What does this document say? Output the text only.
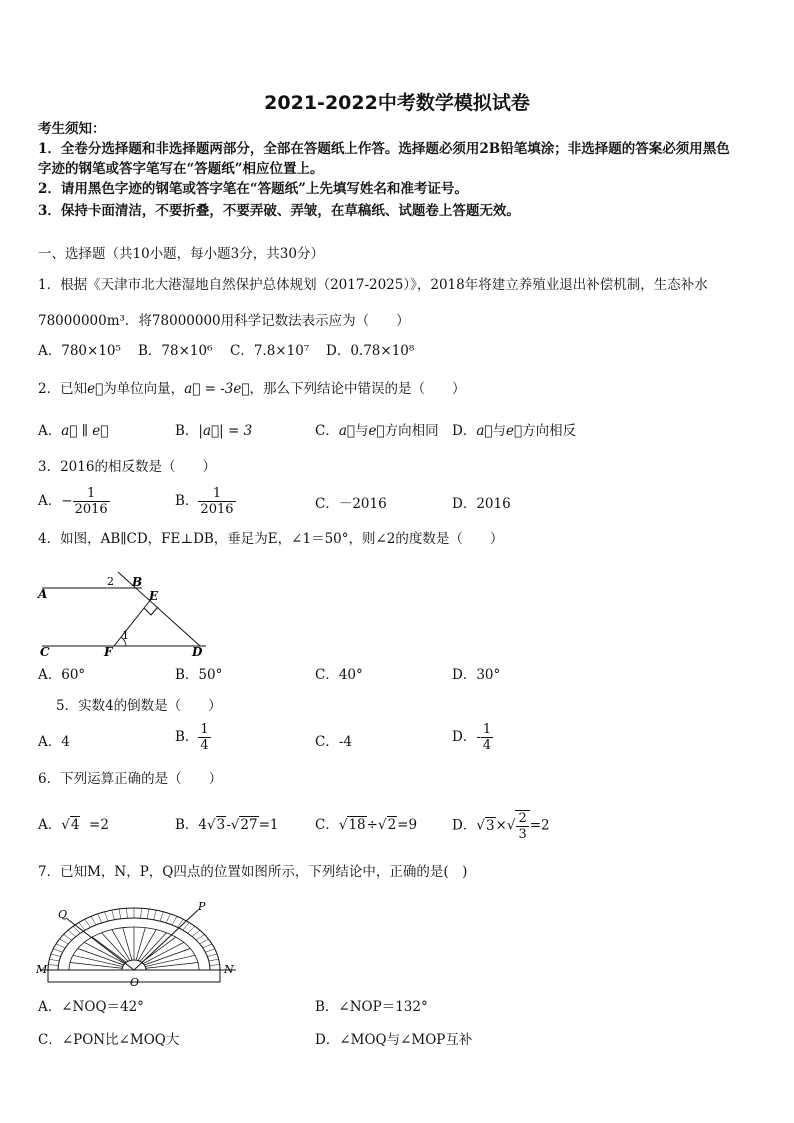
2021-2022中考数学模拟试卷
考生须知：
1．全卷分选择题和非选择题两部分，全部在答题纸上作答。选择题必须用2B铅笔填涂；非选择题的答案必须用黑色
字迹的钢笔或答字笔写在“答题纸”相应位置上。
2．请用黑色字迹的钢笔或答字笔在“答题纸”上先填写姓名和准考证号。
3．保持卡面清洁，不要折叠，不要弄破、弄皱，在草稿纸、试题卷上答题无效。
一、选择题（共10小题，每小题3分，共30分）
1．根据《天津市北大港湿地自然保护总体规划（2017-2025）》，2018年将建立养殖业退出补偿机制，生态补水
78000000m³．将78000000用科学记数法表示应为（　　）
A．780×10⁵ B．78×10⁶ C．7.8×10⁷ D．0.78×10⁸
2．已知e⃗为单位向量，a⃗ = -3e⃗，那么下列结论中错误的是（　　）
A．a⃗ ∥ e⃗	B．|a⃗| = 3	C．a⃗与e⃗方向相同 D．a⃗与e⃗方向相反
3．2016的相反数是（　　）
A．− $\frac{1}{2016}$	B． $\frac{1}{2016}$	C．－2016	D．2016
4．如图，AB∥CD，FE⊥DB，垂足为E，∠1＝50°，则∠2的度数是（　　）
A
B
C	D
E
F
1
2
A．60°	B．50°	C．40°	D．30°
5．实数4的倒数是（　　）
A．4	B． $\frac{1}{4}$	C．-4	D．- $\frac{1}{4}$
6．下列运算正确的是（　　）
A．√4  =2	B．4√3-√27=1	C．√18÷√2=9	D．$√3\times√ \frac{2}{3} =2$
7．已知M，N，P，Q四点的位置如图所示，下列结论中，正确的是(　)
Q
P
M	N
O
A．∠NOQ＝42°	B．∠NOP＝132°
C．∠PON比∠MOQ大	D．∠MOQ与∠MOP互补
